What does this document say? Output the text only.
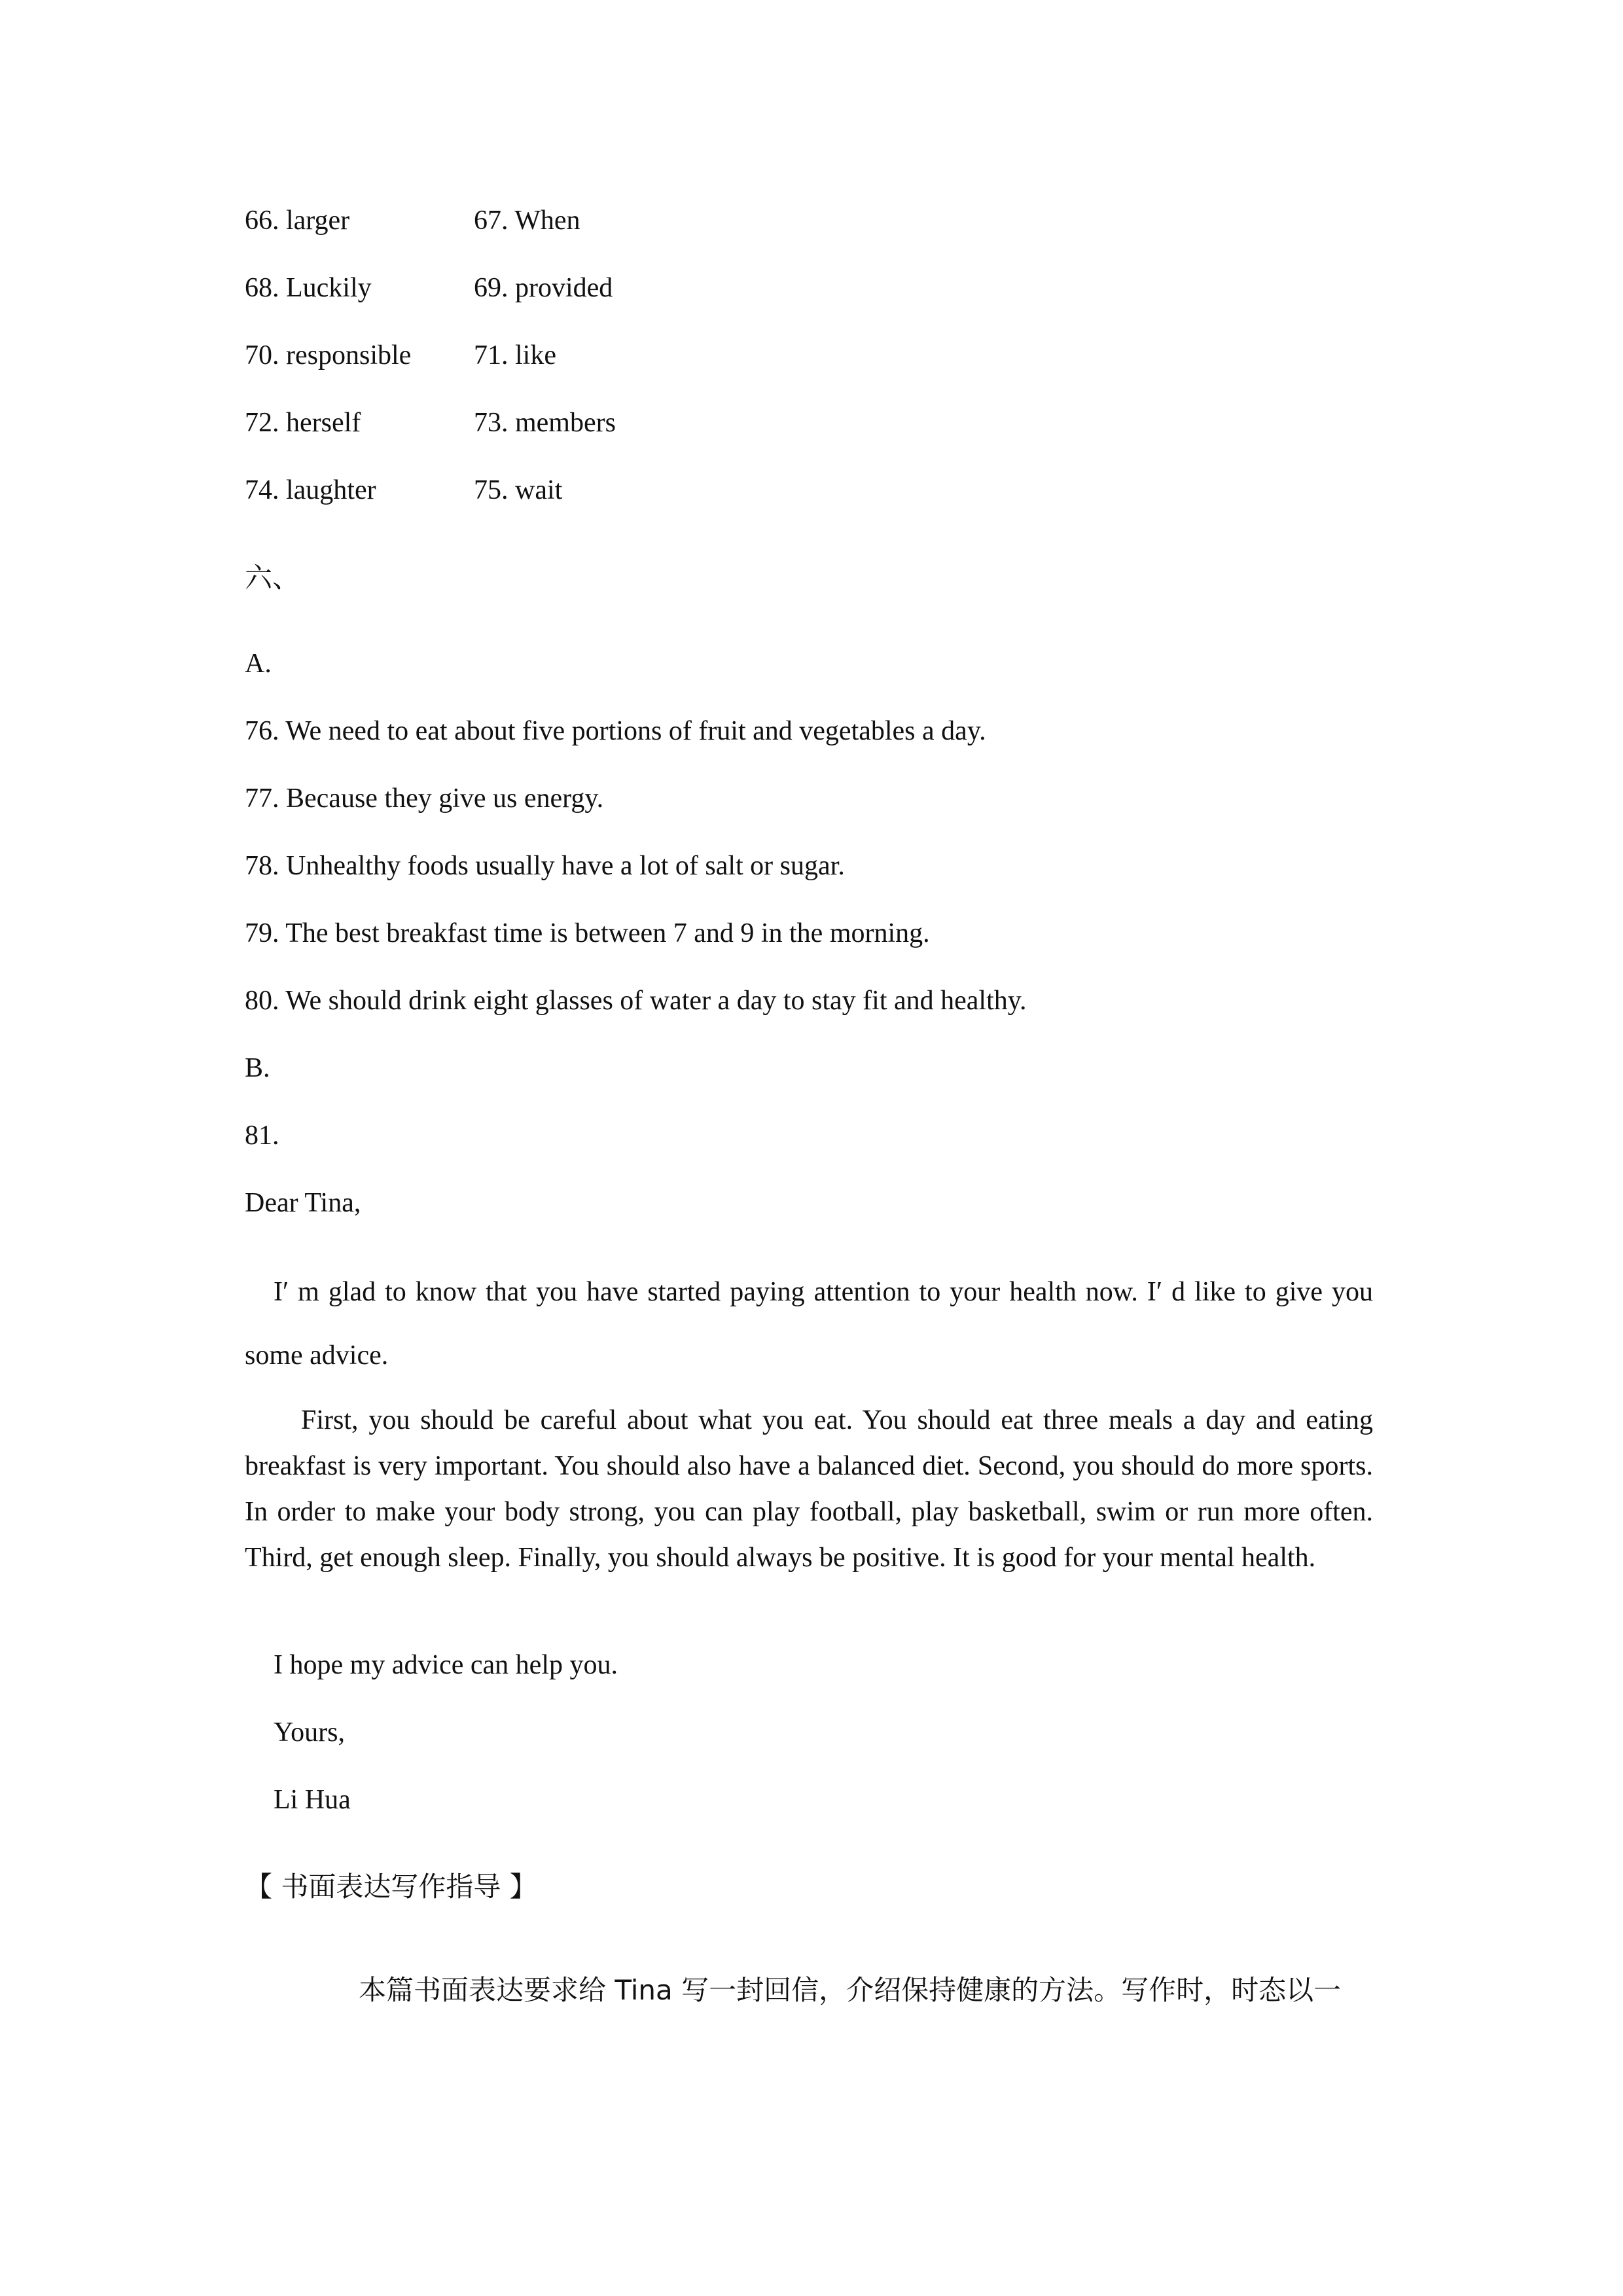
66. larger	67. When
68. Luckily	69. provided
70. responsible 71. like
72. herself	73. members
74. laughter	75. wait
六、
A.
76. We need to eat about five portions of fruit and vegetables a day.
77. Because they give us energy.
78. Unhealthy foods usually have a lot of salt or sugar.
79. The best breakfast time is between 7 and 9 in the morning.
80. We should drink eight glasses of water a day to stay fit and healthy.
B.
81.
Dear Tina,
I′ m glad to know that you have started paying attention to your health now. I′ d like to give you
some advice.
First, you should be careful about what you eat. You should eat three meals a day and eating breakfast is very important. You should also have a balanced diet. Second, you should do more sports. In order to make your body strong, you can play football, play basketball, swim or run more often. Third, get enough sleep. Finally, you should always be positive. It is good for your mental health.
I hope my advice can help you.
Yours,
Li Hua
【 书面表达写作指导 】
本篇书面表达要求给 Tina 写一封回信，介绍保持健康的方法。写作时，时态以一
